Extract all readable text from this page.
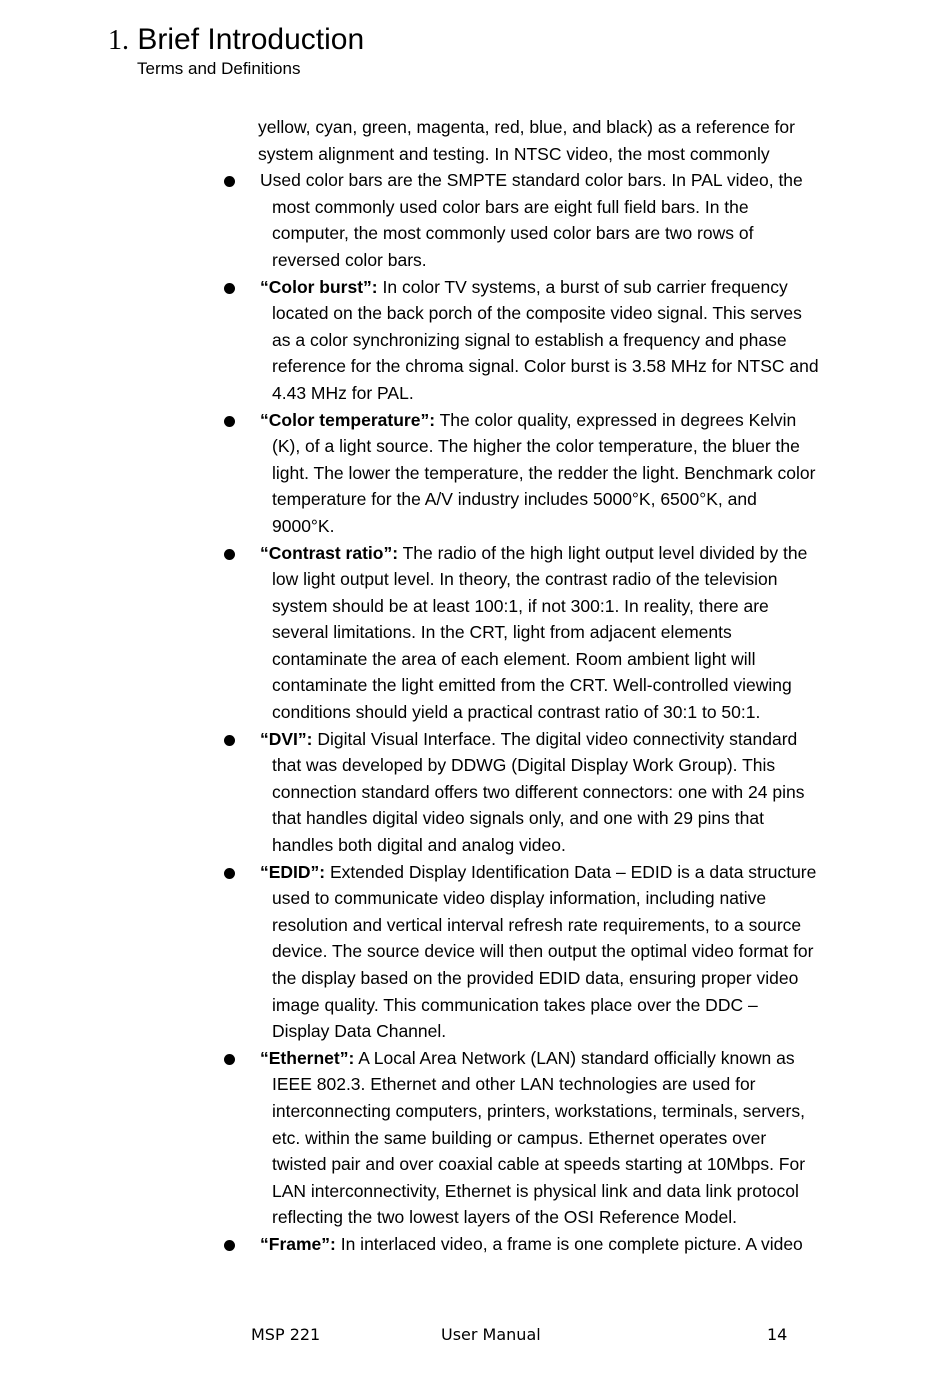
1. Brief Introduction
Terms and Definitions
yellow, cyan, green, magenta, red, blue, and black) as a reference for
system alignment and testing. In NTSC video, the most commonly
Used color bars are the SMPTE standard color bars. In PAL video, the
most commonly used color bars are eight full field bars. In the
computer, the most commonly used color bars are two rows of
reversed color bars.
“Color burst”: In color TV systems, a burst of sub carrier frequency
located on the back porch of the composite video signal. This serves
as a color synchronizing signal to establish a frequency and phase
reference for the chroma signal. Color burst is 3.58 MHz for NTSC and
4.43 MHz for PAL.
“Color temperature”: The color quality, expressed in degrees Kelvin
(K), of a light source. The higher the color temperature, the bluer the
light. The lower the temperature, the redder the light. Benchmark color
temperature for the A/V industry includes 5000°K, 6500°K, and
9000°K.
“Contrast ratio”: The radio of the high light output level divided by the
low light output level. In theory, the contrast radio of the television
system should be at least 100:1, if not 300:1. In reality, there are
several limitations. In the CRT, light from adjacent elements
contaminate the area of each element. Room ambient light will
contaminate the light emitted from the CRT. Well-controlled viewing
conditions should yield a practical contrast ratio of 30:1 to 50:1.
“DVI”: Digital Visual Interface. The digital video connectivity standard
that was developed by DDWG (Digital Display Work Group). This
connection standard offers two different connectors: one with 24 pins
that handles digital video signals only, and one with 29 pins that
handles both digital and analog video.
“EDID”: Extended Display Identification Data – EDID is a data structure
used to communicate video display information, including native
resolution and vertical interval refresh rate requirements, to a source
device. The source device will then output the optimal video format for
the display based on the provided EDID data, ensuring proper video
image quality. This communication takes place over the DDC –
Display Data Channel.
“Ethernet”: A Local Area Network (LAN) standard officially known as
IEEE 802.3. Ethernet and other LAN technologies are used for
interconnecting computers, printers, workstations, terminals, servers,
etc. within the same building or campus. Ethernet operates over
twisted pair and over coaxial cable at speeds starting at 10Mbps. For
LAN interconnectivity, Ethernet is physical link and data link protocol
reflecting the two lowest layers of the OSI Reference Model.
“Frame”: In interlaced video, a frame is one complete picture. A video
MSP 221	User Manual	14
